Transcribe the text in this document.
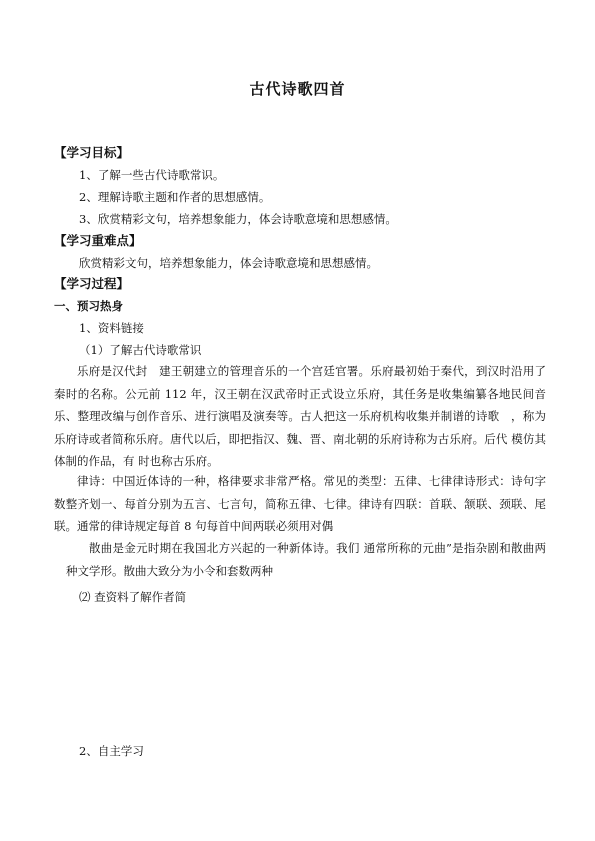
古代诗歌四首
【学习目标】
1、了解一些古代诗歌常识。
2、理解诗歌主题和作者的思想感情。
3、欣赏精彩文句，培养想象能力，体会诗歌意境和思想感情。
【学习重难点】
欣赏精彩文句，培养想象能力，体会诗歌意境和思想感情。
【学习过程】
一、预习热身
1、资料链接
（1）了解古代诗歌常识
乐府是汉代封　建王朝建立的管理音乐的一个宫廷官署。乐府最初始于秦代，到汉时沿用了秦时的名称。公元前 112 年，汉王朝在汉武帝时正式设立乐府，其任务是收集编纂各地民间音乐、整理改编与创作音乐、进行演唱及演奏等。古人把这一乐府机构收集并制谱的诗歌　，称为乐府诗或者简称乐府。唐代以后，即把指汉、魏、晋、南北朝的乐府诗称为古乐府。后代 模仿其体制的作品，有 时也称古乐府。
律诗：中国近体诗的一种，格律要求非常严格。常见的类型：五律、七律律诗形式：诗句字数整齐划一、每首分别为五言、七言句，简称五律、七律。律诗有四联：首联、颔联、颈联、尾联。通常的律诗规定每首 8 句每首中间两联必须用对偶
散曲是金元时期在我国北方兴起的一种新体诗。我们 通常所称的元曲”是指杂剧和散曲两种文学形。散曲大致分为小令和套数两种
⑵ 查资料了解作者简
2、自主学习
